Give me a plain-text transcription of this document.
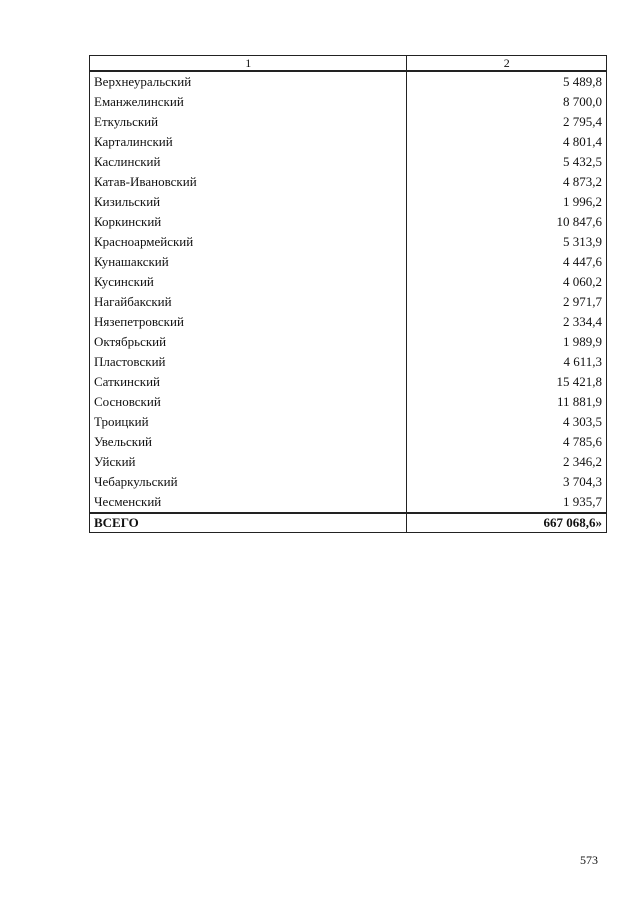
1	2
Верхнеуральский	5 489,8
Еманжелинский	8 700,0
Еткульский	2 795,4
Карталинский	4 801,4
Каслинский	5 432,5
Катав-Ивановский	4 873,2
Кизильский	1 996,2
Коркинский	10 847,6
Красноармейский	5 313,9
Кунашакский	4 447,6
Кусинский	4 060,2
Нагайбакский	2 971,7
Нязепетровский	2 334,4
Октябрьский	1 989,9
Пластовский	4 611,3
Саткинский	15 421,8
Сосновский	11 881,9
Троицкий	4 303,5
Увельский	4 785,6
Уйский	2 346,2
Чебаркульский	3 704,3
Чесменский	1 935,7
ВСЕГО	667 068,6»
573
